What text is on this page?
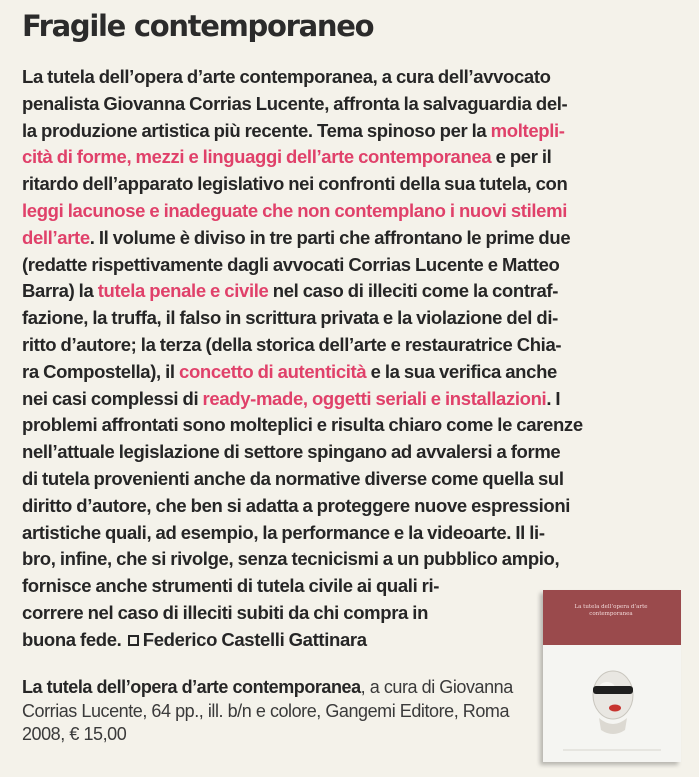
Fragile contemporaneo
La tutela dell’opera d’arte contemporanea, a cura dell’avvocato
penalista Giovanna Corrias Lucente, affronta la salvaguardia del-
la produzione artistica più recente. Tema spinoso per la moltepli-
cità di forme, mezzi e linguaggi dell’arte contemporanea e per il
ritardo dell’apparato legislativo nei confronti della sua tutela, con
leggi lacunose e inadeguate che non contemplano i nuovi stilemi
dell’arte. Il volume è diviso in tre parti che affrontano le prime due
(redatte rispettivamente dagli avvocati Corrias Lucente e Matteo
Barra) la tutela penale e civile nel caso di illeciti come la contraf-
fazione, la truffa, il falso in scrittura privata e la violazione del di-
ritto d’autore; la terza (della storica dell’arte e restauratrice Chia-
ra Compostella), il concetto di autenticità e la sua verifica anche
nei casi complessi di ready-made, oggetti seriali e installazioni. I
problemi affrontati sono molteplici e risulta chiaro come le carenze
nell’attuale legislazione di settore spingano ad avvalersi a forme
di tutela provenienti anche da normative diverse come quella sul
diritto d’autore, che ben si adatta a proteggere nuove espressioni
artistiche quali, ad esempio, la performance e la videoarte. Il li-
bro, infine, che si rivolge, senza tecnicismi a un pubblico ampio,
fornisce anche strumenti di tutela civile ai quali ri-
correre nel caso di illeciti subiti da chi compra in
buona fede. Federico Castelli Gattinara
La tutela dell’opera d’arte contemporanea, a cura di Giovanna Corrias Lucente, 64 pp., ill. b/n e colore, Gangemi Editore, Roma 2008, € 15,00
La tutela dell’opera d’arte contemporanea
